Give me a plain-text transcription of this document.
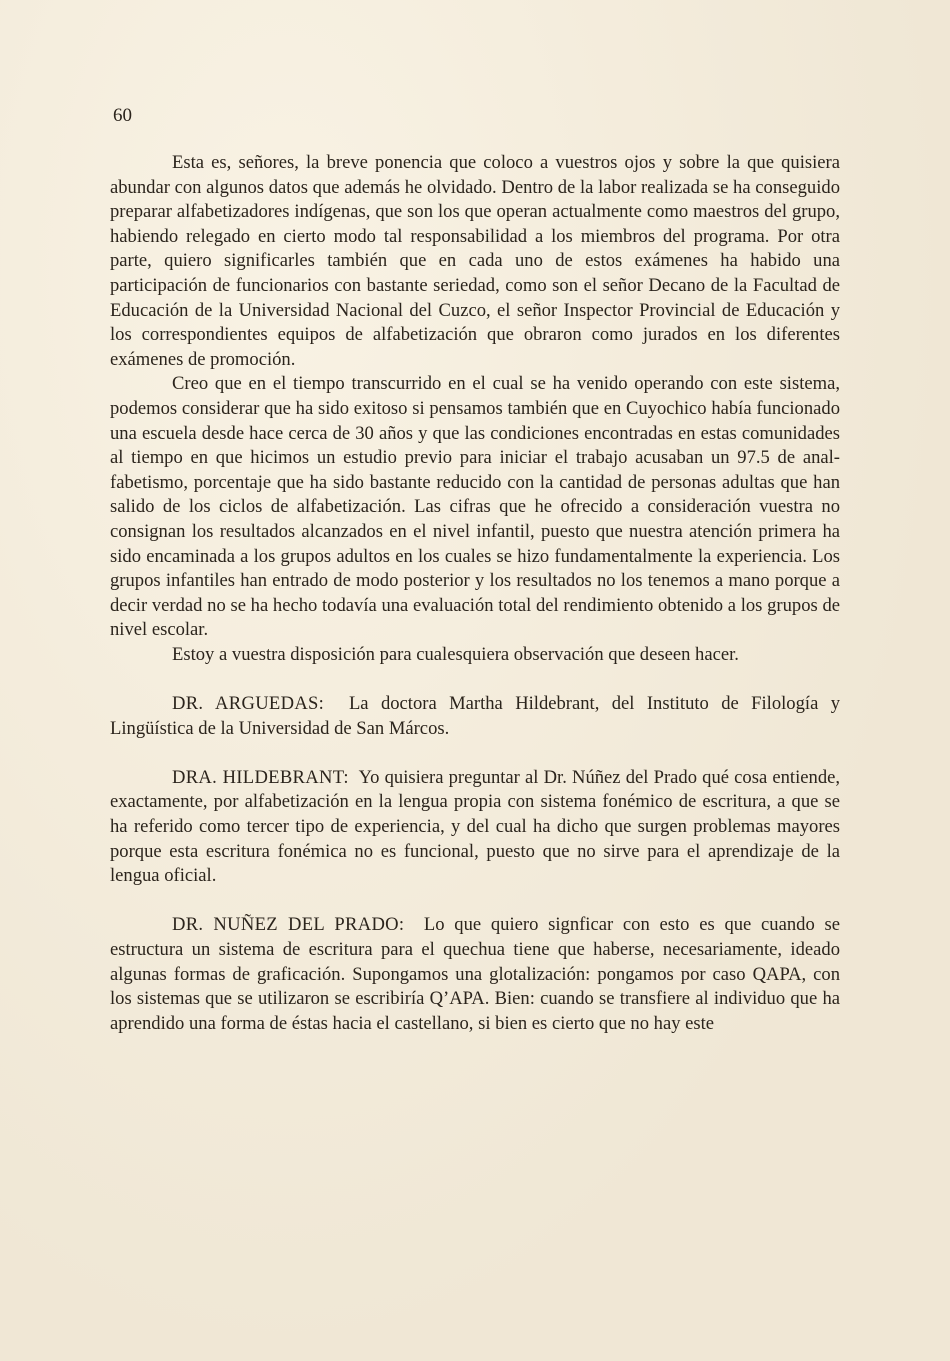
60

Esta es, señores, la breve ponencia que coloco a vuestros ojos y sobre la que quisiera abundar con algunos datos que además he olvidado. Dentro de la labor realizada se ha conseguido preparar alfabetizadores indígenas, que son los que operan actualmente como maestros del grupo, habiendo relegado en cierto modo tal responsabilidad a los miembros del programa. Por otra parte, quiero significarles también que en cada uno de estos exámenes ha habido una participación de funcionarios con bastante seriedad, como son el señor Decano de la Facultad de Educación de la Universidad Nacional del Cuzco, el señor Inspector Provincial de Educación y los correspondientes equipos de alfabetización que obraron como jurados en los diferentes exámenes de promoción.

Creo que en el tiempo transcurrido en el cual se ha venido operando con este sistema, podemos considerar que ha sido exitoso si pensamos también que en Cuyochico había funcionado una escuela desde hace cerca de 30 años y que las condiciones encontradas en estas comunidades al tiempo en que hicimos un estudio previo para iniciar el trabajo acusaban un 97.5 de analfabetismo, porcentaje que ha sido bastante reducido con la cantidad de personas adultas que han salido de los ciclos de alfabetización. Las cifras que he ofrecido a consideración vuestra no consignan los resultados alcanzados en el nivel infantil, puesto que nuestra atención primera ha sido encaminada a los grupos adultos en los cuales se hizo fundamentalmente la experiencia. Los grupos infantiles han entrado de modo posterior y los resultados no los tenemos a mano porque a decir verdad no se ha hecho todavía una evaluación total del rendimiento obtenido a los grupos de nivel escolar.

Estoy a vuestra disposición para cualesquiera observación que deseen hacer.

DR. ARGUEDAS: La doctora Martha Hildebrant, del Instituto de Filología y Lingüística de la Universidad de San Márcos.

DRA. HILDEBRANT: Yo quisiera preguntar al Dr. Núñez del Prado qué cosa entiende, exactamente, por alfabetización en la lengua propia con sistema fonémico de escritura, a que se ha referido como tercer tipo de experiencia, y del cual ha dicho que surgen problemas mayores porque esta escritura fonémica no es funcional, puesto que no sirve para el aprendizaje de la lengua oficial.

DR. NUÑEZ DEL PRADO: Lo que quiero signficar con esto es que cuando se estructura un sistema de escritura para el quechua tiene que haberse, necesariamente, ideado algunas formas de graficación. Supongamos una glotalización: pongamos por caso QAPA, con los sistemas que se utilizaron se escribiría Q’APA. Bien: cuando se transfiere al individuo que ha aprendido una forma de éstas hacia el castellano, si bien es cierto que no hay este
